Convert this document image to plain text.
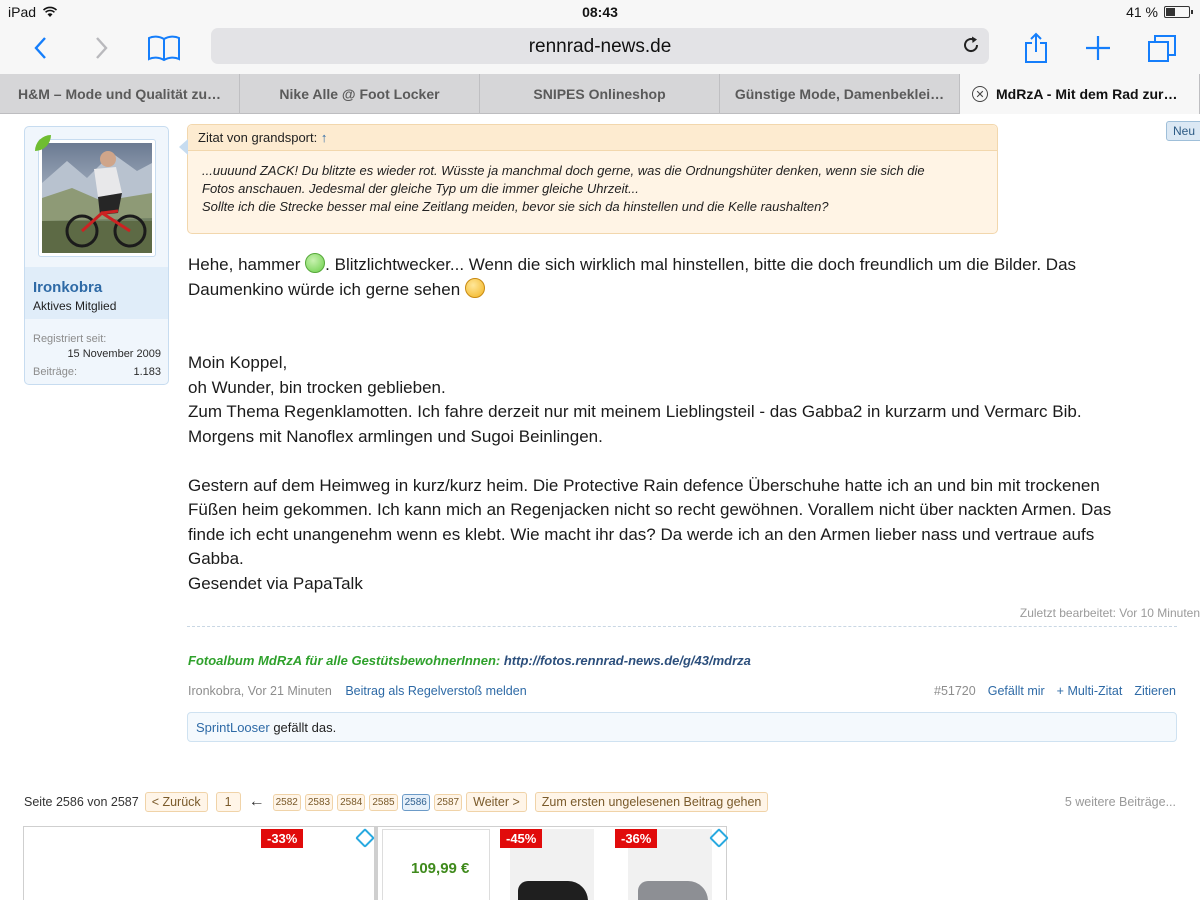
iPad	08:43	41 %
rennrad-news.de
H&M – Mode und Qualität zu…	Nike Alle @ Foot Locker	SNIPES Onlineshop	Günstige Mode, Damenbeklei…	✕ MdRzA - Mit dem Rad zur…
Neu
Ironkobra
Aktives Mitglied
Registriert seit:
15 November 2009
Beiträge:	1.183
Zitat von grandsport: ↑
...uuuund ZACK! Du blitzte es wieder rot. Wüsste ja manchmal doch gerne, was die Ordnungshüter denken, wenn sie sich die
Fotos anschauen. Jedesmal der gleiche Typ um die immer gleiche Uhrzeit...
Sollte ich die Strecke besser mal eine Zeitlang meiden, bevor sie sich da hinstellen und die Kelle raushalten?

Hehe, hammer . Blitzlichtwecker... Wenn die sich wirklich mal hinstellen, bitte die doch freundlich um die Bilder. Das Daumenkino würde ich gerne sehen

Moin Koppel,
oh Wunder, bin trocken geblieben.
Zum Thema Regenklamotten. Ich fahre derzeit nur mit meinem Lieblingsteil - das Gabba2 in kurzarm und Vermarc Bib.
Morgens mit Nanoflex armlingen und Sugoi Beinlingen.

Gestern auf dem Heimweg in kurz/kurz heim. Die Protective Rain defence Überschuhe hatte ich an und bin mit trockenen Füßen heim gekommen. Ich kann mich an Regenjacken nicht so recht gewöhnen. Vorallem nicht über nackten Armen. Das finde ich echt unangenehm wenn es klebt. Wie macht ihr das? Da werde ich an den Armen lieber nass und vertraue aufs Gabba.

Gesendet via PapaTalk

Zuletzt bearbeitet: Vor 10 Minuten
Fotoalbum MdRzA für alle GestütsbewohnerInnen: http://fotos.rennrad-news.de/g/43/mdrza
Ironkobra, Vor 21 Minuten Beitrag als Regelverstoß melden	#51720 Gefällt mir + Multi-Zitat Zitieren
SprintLooser gefällt das.
Seite 2586 von 2587	< Zurück	1	←	2582	2583	2584	2585	2586	2587	Weiter >	Zum ersten ungelesenen Beitrag gehen	5 weitere Beiträge...
-33%
109,99 €
-45%	-36%
